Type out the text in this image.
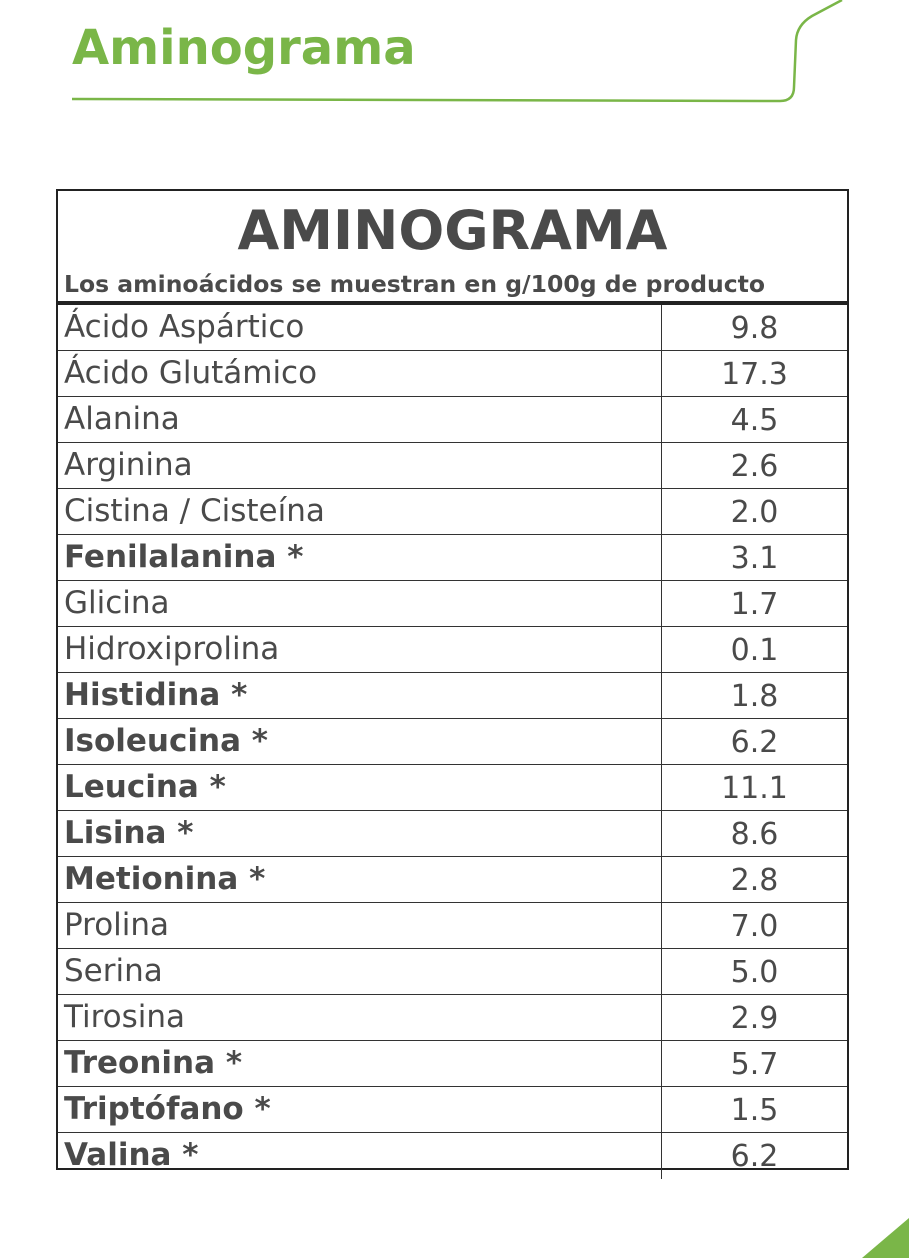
Aminograma
AMINOGRAMA
Los aminoácidos se muestran en g/100g de producto
Ácido Aspártico	9.8
Ácido Glutámico	17.3
Alanina	4.5
Arginina	2.6
Cistina / Cisteína	2.0
Fenilalanina *	3.1
Glicina	1.7
Hidroxiprolina	0.1
Histidina *	1.8
Isoleucina *	6.2
Leucina *	11.1
Lisina *	8.6
Metionina *	2.8
Prolina	7.0
Serina	5.0
Tirosina	2.9
Treonina *	5.7
Triptófano *	1.5
Valina *	6.2
